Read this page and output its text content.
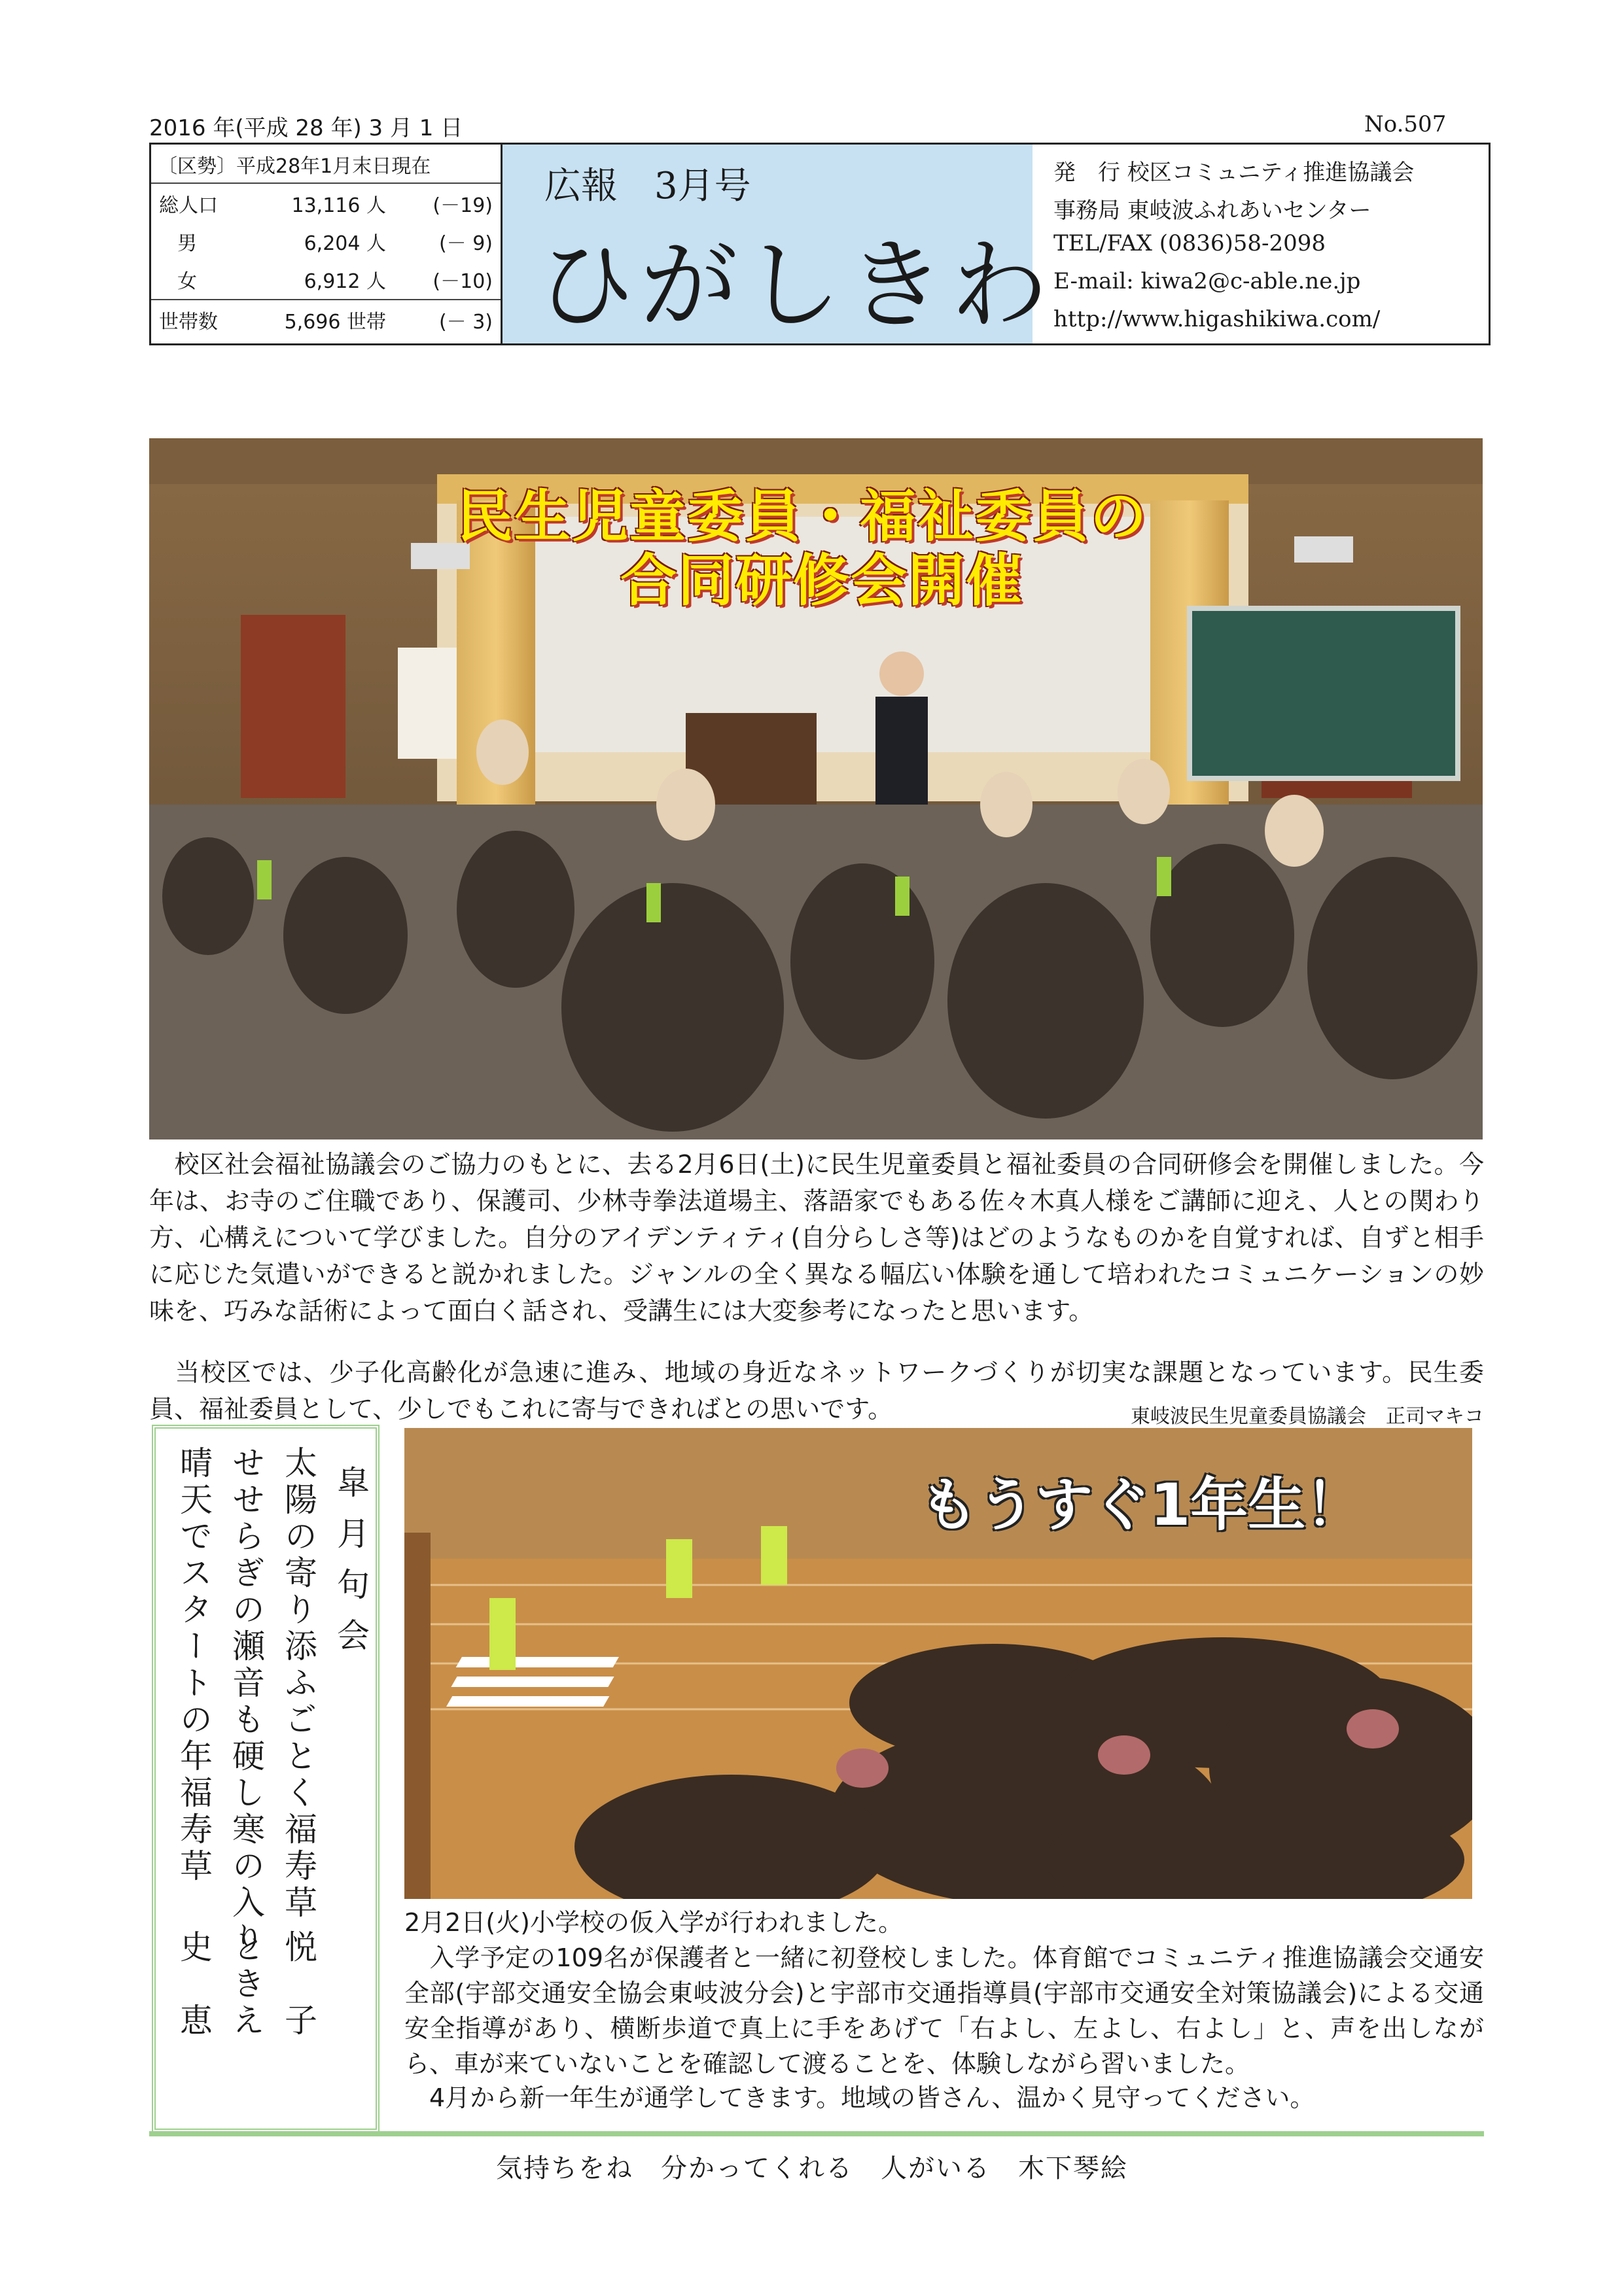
2016 年(平成 28 年) 3 月 1 日	No.507
〔区勢〕平成28年1月末日現在
総人口	13,116 人 (－19)
男	6,204 人	(－ 9)
女	6,912 人 (－10)
世帯数	5,696 世帯	(－ 3)
広報　3月号
ひがしきわ
発　行 校区コミュニティ推進協議会
事務局 東岐波ふれあいセンター
TEL/FAX (0836)58-2098
E-mail: kiwa2@c-able.ne.jp
http://www.higashikiwa.com/
民生児童委員・福祉委員の
合同研修会開催
　校区社会福祉協議会のご協力のもとに、去る2月6日(土)に民生児童委員と福祉委員の合同研修会を開催しました。今年は、お寺のご住職であり、保護司、少林寺拳法道場主、落語家でもある佐々木真人様をご講師に迎え、人との関わり方、心構えについて学びました。自分のアイデンティティ(自分らしさ等)はどのようなものかを自覚すれば、自ずと相手に応じた気遣いができると説かれました。ジャンルの全く異なる幅広い体験を通して培われたコミュニケーションの妙味を、巧みな話術によって面白く話され、受講生には大変参考になったと思います。
　当校区では、少子化高齢化が急速に進み、地域の身近なネットワークづくりが切実な課題となっています。民生委員、福祉委員として、少しでもこれに寄与できればとの思いです。	東岐波民生児童委員協議会　正司マキコ
皐 月 句 会
太陽の寄り添ふごとく福寿草
悦　子
せせらぎの瀬音も硬し寒の入り
ときえ
晴天でスタートの年福寿草
史　恵
もうすぐ1年生！
2月2日(火)小学校の仮入学が行われました。
　入学予定の109名が保護者と一緒に初登校しました。体育館でコミュニティ推進協議会交通安全部(宇部交通安全協会東岐波分会)と宇部市交通指導員(宇部市交通安全対策協議会)による交通安全指導があり、横断歩道で真上に手をあげて「右よし、左よし、右よし」と、声を出しながら、車が来ていないことを確認して渡ることを、体験しながら習いました。
　4月から新一年生が通学してきます。地域の皆さん、温かく見守ってください。
気持ちをね　分かってくれる　人がいる　木下琴絵
